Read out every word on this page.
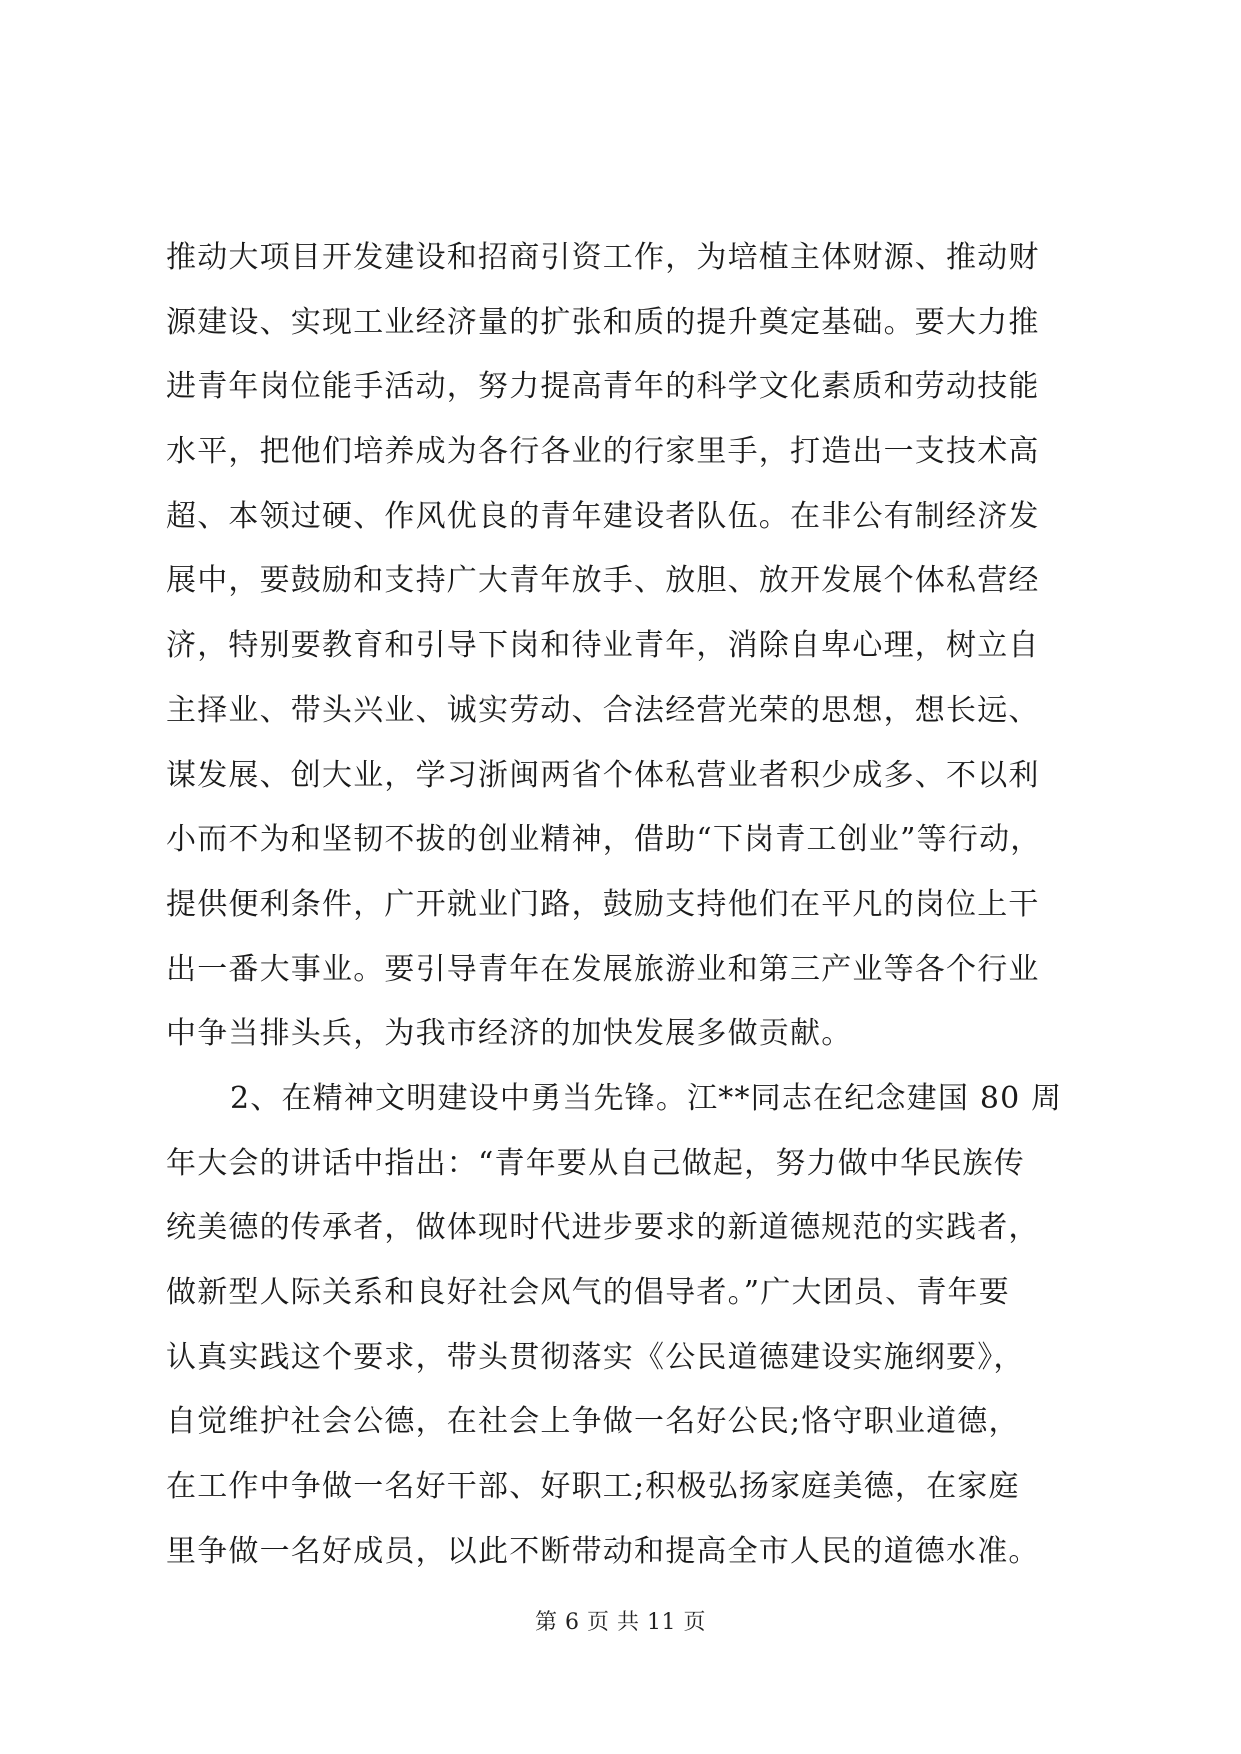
推动大项目开发建设和招商引资工作，为培植主体财源、推动财
源建设、实现工业经济量的扩张和质的提升奠定基础。要大力推
进青年岗位能手活动，努力提高青年的科学文化素质和劳动技能
水平，把他们培养成为各行各业的行家里手，打造出一支技术高
超、本领过硬、作风优良的青年建设者队伍。在非公有制经济发
展中，要鼓励和支持广大青年放手、放胆、放开发展个体私营经
济，特别要教育和引导下岗和待业青年，消除自卑心理，树立自
主择业、带头兴业、诚实劳动、合法经营光荣的思想，想长远、
谋发展、创大业，学习浙闽两省个体私营业者积少成多、不以利
小而不为和坚韧不拔的创业精神，借助“下岗青工创业”等行动，
提供便利条件，广开就业门路，鼓励支持他们在平凡的岗位上干
出一番大事业。要引导青年在发展旅游业和第三产业等各个行业
中争当排头兵，为我市经济的加快发展多做贡献。
2、在精神文明建设中勇当先锋。江**同志在纪念建国 80 周
年大会的讲话中指出：“青年要从自己做起，努力做中华民族传
统美德的传承者，做体现时代进步要求的新道德规范的实践者，
做新型人际关系和良好社会风气的倡导者。”广大团员、青年要
认真实践这个要求，带头贯彻落实《公民道德建设实施纲要》，
自觉维护社会公德，在社会上争做一名好公民;恪守职业道德，
在工作中争做一名好干部、好职工;积极弘扬家庭美德，在家庭
里争做一名好成员，以此不断带动和提高全市人民的道德水准。
第 6 页 共 11 页
